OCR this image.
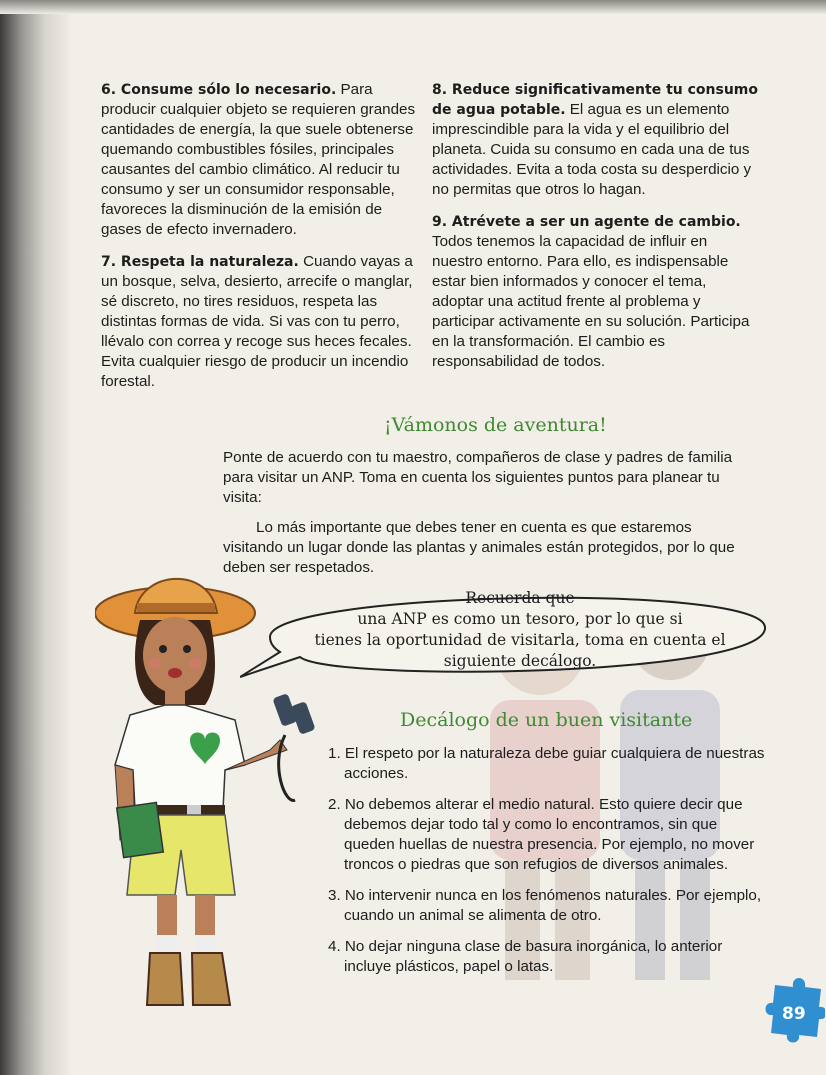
6. Consume sólo lo necesario. Para producir cualquier objeto se requieren grandes cantidades de energía, la que suele obtenerse quemando combustibles fósiles, principales causantes del cambio climático. Al reducir tu consumo y ser un consumidor responsable, favoreces la disminución de la emisión de gases de efecto invernadero.

7. Respeta la naturaleza. Cuando vayas a un bosque, selva, desierto, arrecife o manglar, sé discreto, no tires residuos, respeta las distintas formas de vida. Si vas con tu perro, llévalo con correa y recoge sus heces fecales. Evita cualquier riesgo de producir un incendio forestal.

8. Reduce significativamente tu consumo de agua potable. El agua es un elemento imprescindible para la vida y el equilibrio del planeta. Cuida su consumo en cada una de tus actividades. Evita a toda costa su desperdicio y no permitas que otros lo hagan.

9. Atrévete a ser un agente de cambio. Todos tenemos la capacidad de influir en nuestro entorno. Para ello, es indispensable estar bien informados y conocer el tema, adoptar una actitud frente al problema y participar activamente en su solución. Participa en la transformación. El cambio es responsabilidad de todos.

¡Vámonos de aventura!
Ponte de acuerdo con tu maestro, compañeros de clase y padres de familia para visitar un ANP. Toma en cuenta los siguientes puntos para planear tu visita:
Lo más importante que debes tener en cuenta es que estaremos visitando un lugar donde las plantas y animales están protegidos, por lo que deben ser respetados.
Recuerda que
una ANP es como un tesoro, por lo que si
tienes la oportunidad de visitarla, toma en cuenta el
siguiente decálogo.
Decálogo de un buen visitante
1. El respeto por la naturaleza debe guiar cualquiera de nuestras acciones.
2. No debemos alterar el medio natural. Esto quiere decir que debemos dejar todo tal y como lo encontramos, sin que queden huellas de nuestra presencia. Por ejemplo, no mover troncos o piedras que son refugios de diversos animales.
3. No intervenir nunca en los fenómenos naturales. Por ejemplo, cuando un animal se alimenta de otro.
4. No dejar ninguna clase de basura inorgánica, lo anterior incluye plásticos, papel o latas.
89
